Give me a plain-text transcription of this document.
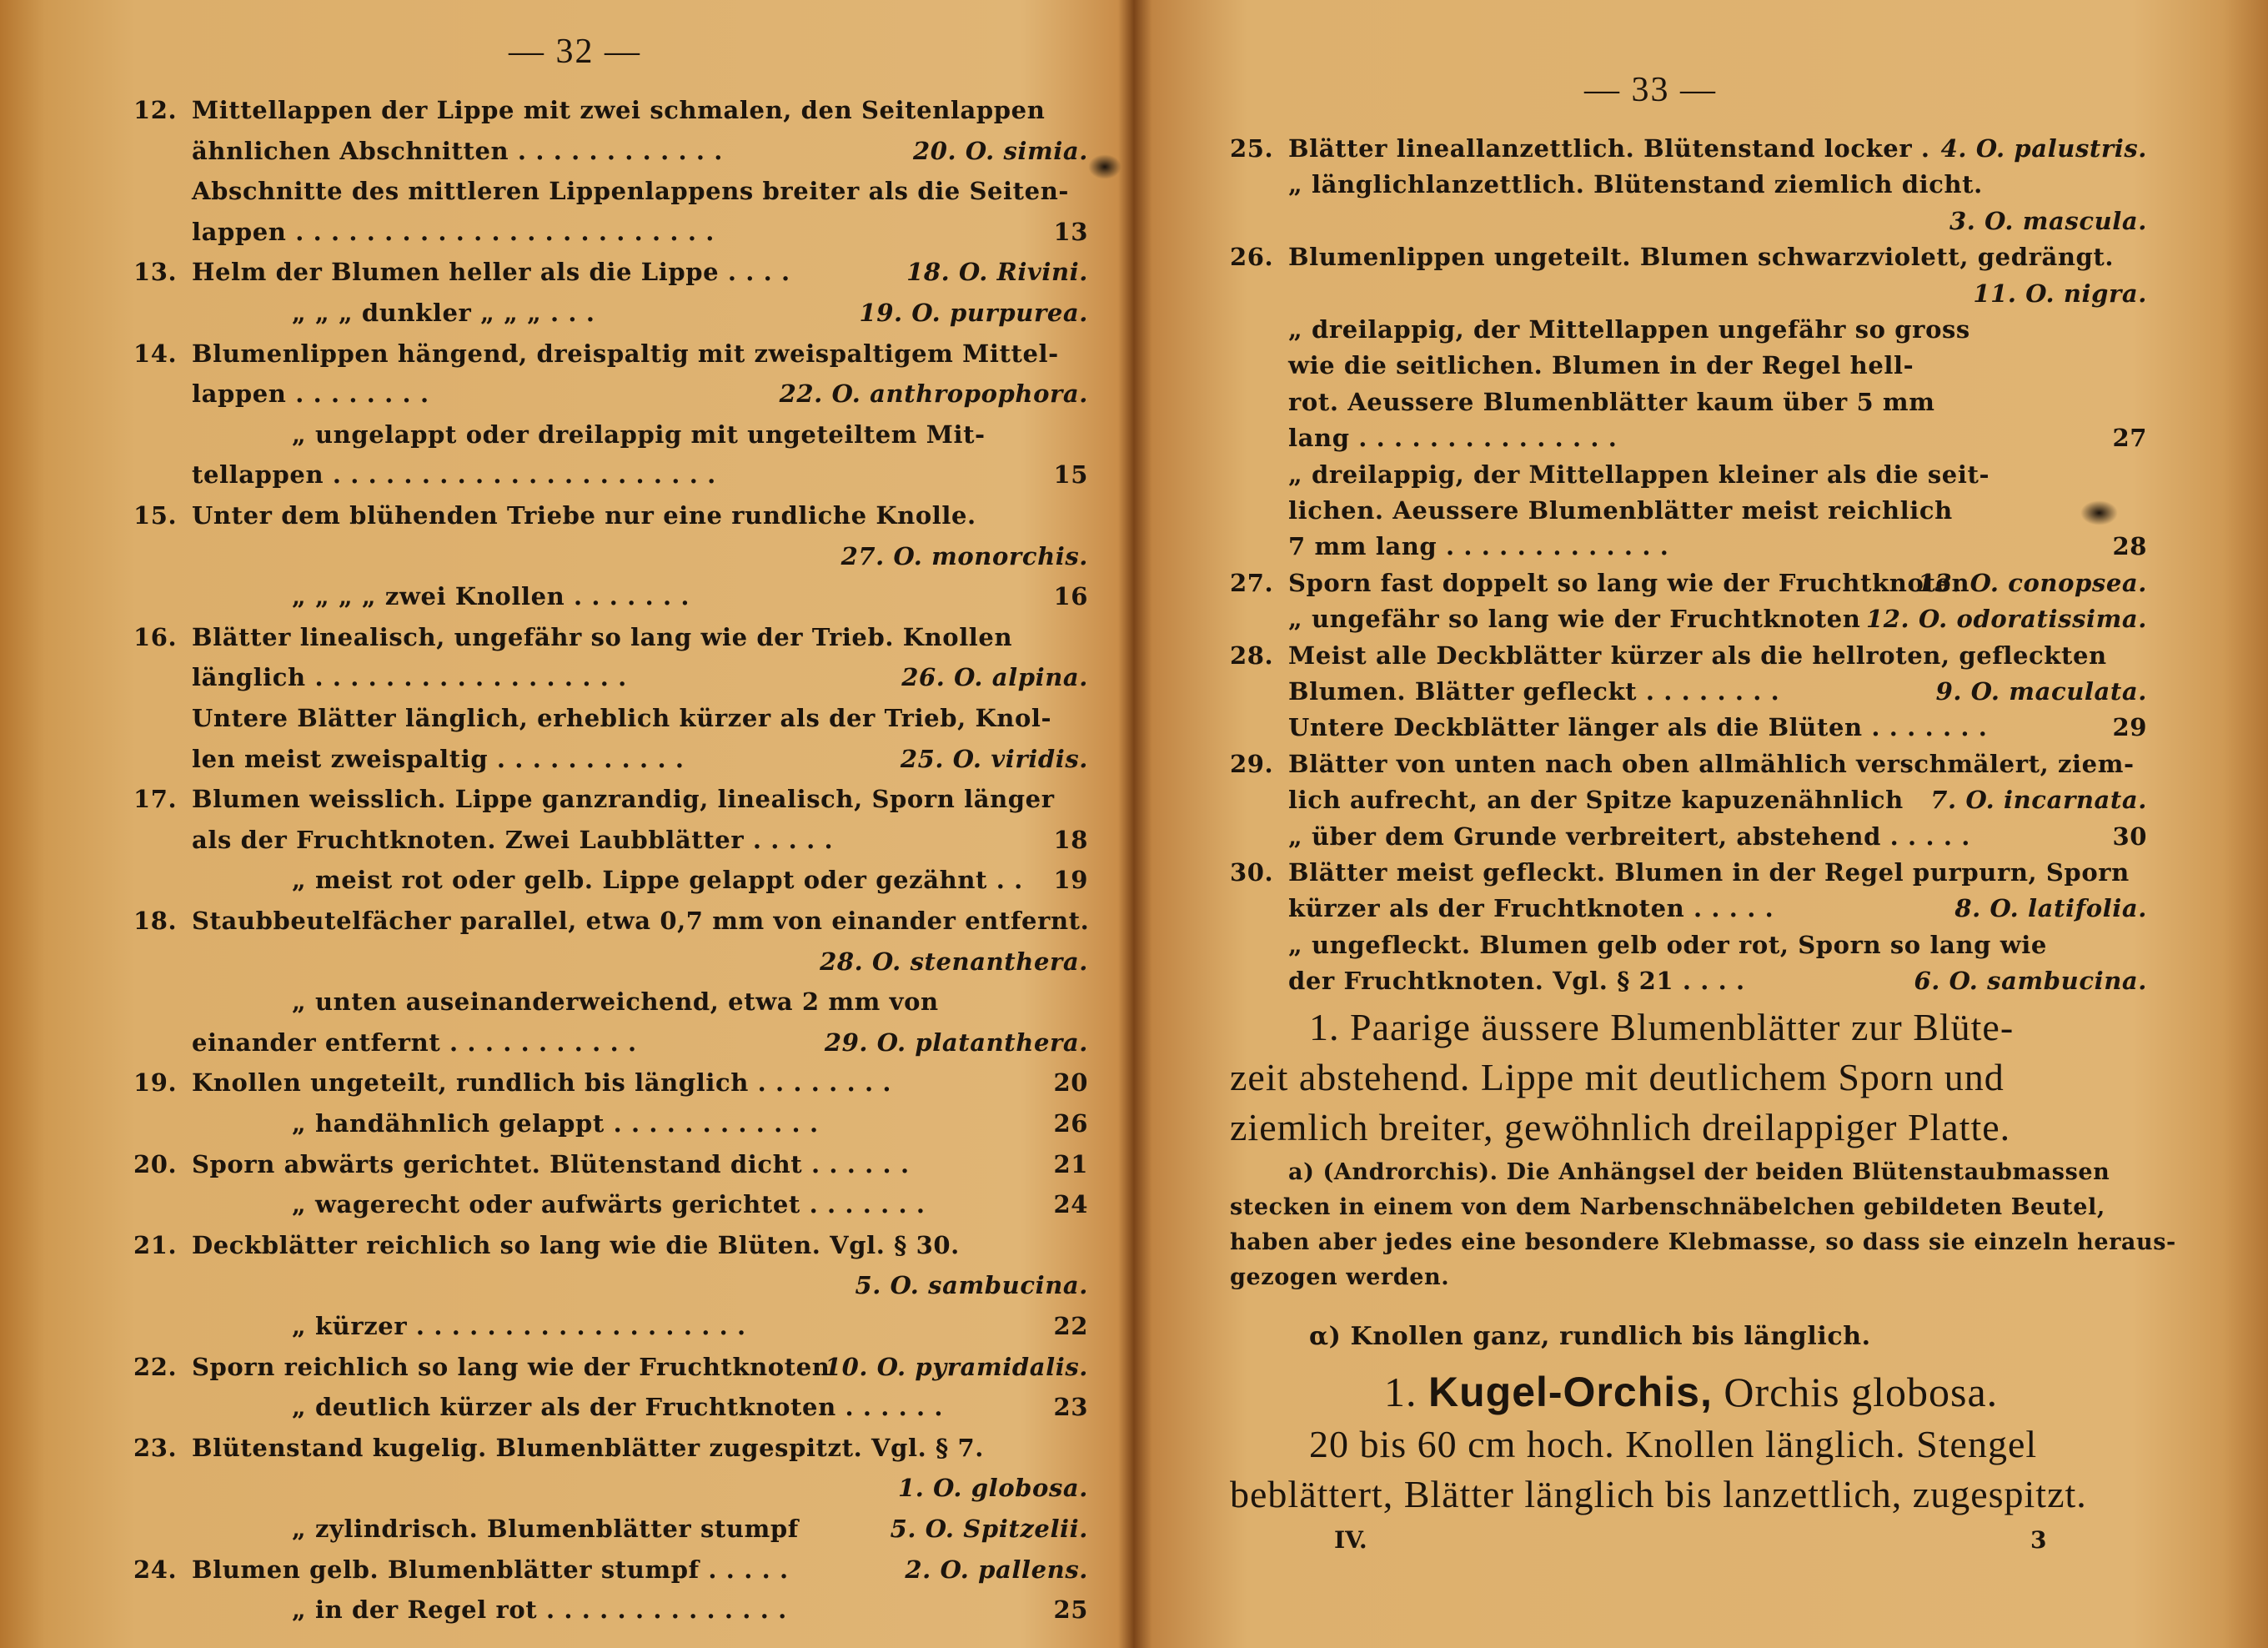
— 32 —
12. Mittellappen der Lippe mit zwei schmalen, den Seitenlappen
ähnlichen Abschnitten . . . . . . . . . . . .	20. O. simia.
Abschnitte des mittleren Lippenlappens breiter als die Seiten-
lappen . . . . . . . . . . . . . . . . . . . . . . . .	13
13. Helm der Blumen heller als die Lippe . . . .	18. O. Rivini.
„ „ „ dunkler „ „ „ . . .	19. O. purpurea.
14. Blumenlippen hängend, dreispaltig mit zweispaltigem Mittel-
lappen . . . . . . . .	22. O. anthropophora.
„ ungelappt oder dreilappig mit ungeteiltem Mit-
tellappen . . . . . . . . . . . . . . . . . . . . . .	15
15. Unter dem blühenden Triebe nur eine rundliche Knolle.
27. O. monorchis.
„ „ „ „ zwei Knollen . . . . . . .	16
16. Blätter linealisch, ungefähr so lang wie der Trieb. Knollen
länglich . . . . . . . . . . . . . . . . . .	26. O. alpina.
Untere Blätter länglich, erheblich kürzer als der Trieb, Knol-
len meist zweispaltig . . . . . . . . . . .	25. O. viridis.
17. Blumen weisslich. Lippe ganzrandig, linealisch, Sporn länger
als der Fruchtknoten. Zwei Laubblätter . . . . .	18
„ meist rot oder gelb. Lippe gelappt oder gezähnt . . 19
18. Staubbeutelfächer parallel, etwa 0,7 mm von einander entfernt.
28. O. stenanthera.
„ unten auseinanderweichend, etwa 2 mm von
einander entfernt . . . . . . . . . . .	29. O. platanthera.
19. Knollen ungeteilt, rundlich bis länglich . . . . . . . .	20
„ handähnlich gelappt . . . . . . . . . . . .	26
20. Sporn abwärts gerichtet. Blütenstand dicht . . . . . .	21
„ wagerecht oder aufwärts gerichtet . . . . . . .	24
21. Deckblätter reichlich so lang wie die Blüten. Vgl. § 30.
5. O. sambucina.
„ kürzer . . . . . . . . . . . . . . . . . . .	22
22. Sporn reichlich so lang wie der Fruchtknoten
10. O. pyramidalis.
„ deutlich kürzer als der Fruchtknoten . . . . . .	23
23. Blütenstand kugelig. Blumenblätter zugespitzt. Vgl. § 7.
1. O. globosa.
„ zylindrisch. Blumenblätter stumpf	5. O. Spitzelii.
24. Blumen gelb. Blumenblätter stumpf . . . . .	2. O. pallens.
„ in der Regel rot . . . . . . . . . . . . . .	25
— 33 —
25. Blätter lineallanzettlich. Blütenstand locker . 4. O. palustris.
„ länglichlanzettlich. Blütenstand ziemlich dicht.
3. O. mascula.
26. Blumenlippen ungeteilt. Blumen schwarzviolett, gedrängt.
11. O. nigra.
„ dreilappig, der Mittellappen ungefähr so gross
wie die seitlichen. Blumen in der Regel hell-
rot. Aeussere Blumenblätter kaum über 5 mm
lang . . . . . . . . . . . . . . .	27
„ dreilappig, der Mittellappen kleiner als die seit-
lichen. Aeussere Blumenblätter meist reichlich
7 mm lang . . . . . . . . . . . . .	28
27. Sporn fast doppelt so lang wie der Fruchtknoten
13. O. conopsea.
„ ungefähr so lang wie der Fruchtknoten 12. O. odoratissima.
28. Meist alle Deckblätter kürzer als die hellroten, gefleckten
Blumen. Blätter gefleckt . . . . . . . .	9. O. maculata.
Untere Deckblätter länger als die Blüten . . . . . . .	29
29. Blätter von unten nach oben allmählich verschmälert, ziem-
lich aufrecht, an der Spitze kapuzenähnlich 7. O. incarnata.
„ über dem Grunde verbreitert, abstehend . . . . .	30
30. Blätter meist gefleckt. Blumen in der Regel purpurn, Sporn
kürzer als der Fruchtknoten . . . . .	8. O. latifolia.
„ ungefleckt. Blumen gelb oder rot, Sporn so lang wie
der Fruchtknoten. Vgl. § 21 . . . .	6. O. sambucina.
1. Paarige äussere Blumenblätter zur Blüte-
zeit abstehend. Lippe mit deutlichem Sporn und
ziemlich breiter, gewöhnlich dreilappiger Platte.
a) (Androrchis). Die Anhängsel der beiden Blütenstaubmassen
stecken in einem von dem Narbenschnäbelchen gebildeten Beutel,
haben aber jedes eine besondere Klebmasse, so dass sie einzeln heraus-
gezogen werden.
α) Knollen ganz, rundlich bis länglich.
1. Kugel-Orchis, Orchis globosa.
20 bis 60 cm hoch. Knollen länglich. Stengel
beblättert, Blätter länglich bis lanzettlich, zugespitzt.
IV.	3
